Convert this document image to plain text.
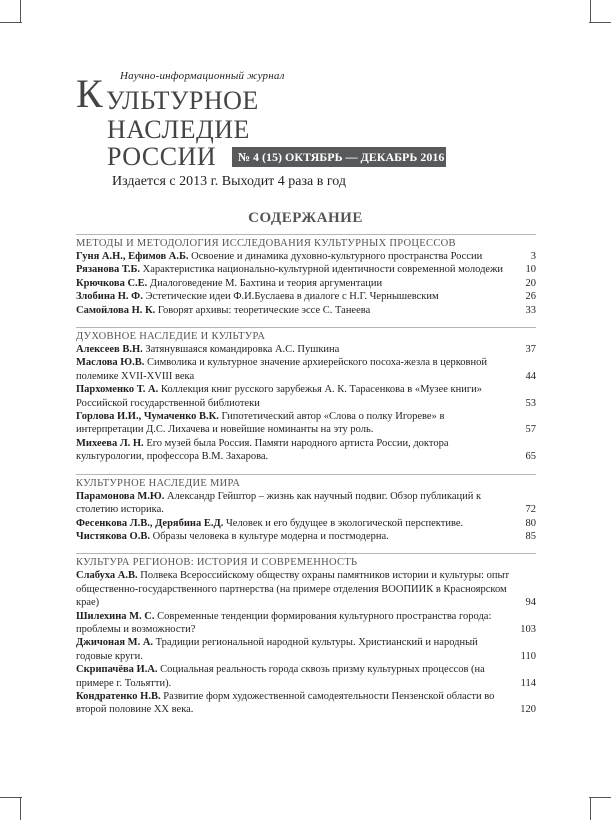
Научно-информационный журнал
К УЛЬТУРНОЕ
НАСЛЕДИЕ
РОССИИ	№ 4 (15) ОКТЯБРЬ — ДЕКАБРЬ 2016
Издается с 2013 г. Выходит 4 раза в год
СОДЕРЖАНИЕ
МЕТОДЫ И МЕТОДОЛОГИЯ ИССЛЕДОВАНИЯ КУЛЬТУРНЫХ ПРОЦЕССОВ
Гуня А.Н., Ефимов А.Б. Освоение и динамика духовно-культурного пространства России	3
Рязанова Т.Б. Характеристика национально-культурной идентичности современной молодежи 10
Крючкова С.Е. Диалоговедение М. Бахтина и теория аргументации	20
Злобина Н. Ф. Эстетические идеи Ф.И.Буслаева в диалоге с Н.Г. Чернышевским	26
Самойлова Н. К. Говорят архивы: теоретические эссе С. Танеева	33
ДУХОВНОЕ НАСЛЕДИЕ И КУЛЬТУРА
Алексеев В.Н. Затянувшаяся командировка А.С. Пушкина	37
Маслова Ю.В. Символика и культурное значение архиерейского посоха-жезла в церковной полемике XVII-XVIII века	44
Пархоменко Т. А. Коллекция книг русского зарубежья А. К. Тарасенкова в «Музее книги» Российской государственной библиотеки	53
Горлова И.И., Чумаченко В.К. Гипотетический автор «Слова о полку Игореве» в интерпретации Д.С. Лихачева и новейшие номинанты на эту роль.	57
Михеева Л. Н. Его музей была Россия. Памяти народного артиста России, доктора культурологии, профессора В.М. Захарова.	65
КУЛЬТУРНОЕ НАСЛЕДИЕ МИРА
Парамонова М.Ю. Александр Гейштор – жизнь как научный подвиг. Обзор публикаций к столетию историка.	72
Фесенкова Л.В., Дерябина Е.Д. Человек и его будущее в экологической перспективе.	80
Чистякова О.В. Образы человека в культуре модерна и постмодерна.	85
КУЛЬТУРА РЕГИОНОВ: ИСТОРИЯ И СОВРЕМЕННОСТЬ
Слабуха А.В. Полвека Всероссийскому обществу охраны памятников истории и культуры: опыт общественно-государственного партнерства (на примере отделения ВООПИИК в Красноярском крае)	94
Шилехина М. С. Современные тенденции формирования культурного пространства города: проблемы и возможности?	103
Джичоная М. А. Традиции региональной народной культуры. Христианский и народный годовые круги.	110
Скрипачёва И.А. Социальная реальность города сквозь призму культурных процессов (на примере г. Тольятти).	114
Кондратенко Н.В. Развитие форм художественной самодеятельности Пензенской области во второй половине XX века.	120
